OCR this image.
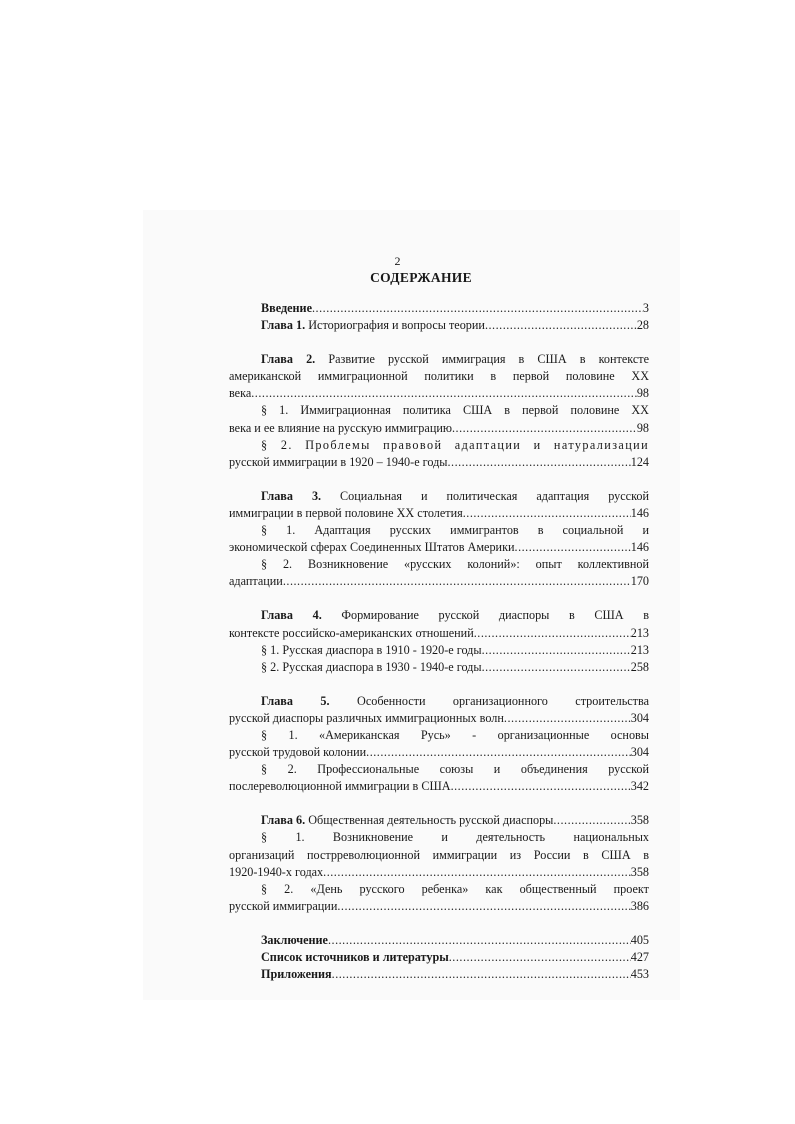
2
СОДЕРЖАНИЕ
Введение .....	3
Глава 1. Историография и вопросы теории .....	28
Глава 2. Развитие русской иммиграция в США в контексте
американской иммиграционной политики в первой половине XX
века .....	98
§ 1. Иммиграционная политика США в первой половине XX
века и ее влияние на русскую иммиграцию .....	98
§ 2. Проблемы правовой адаптации и натурализации
русской иммиграции в 1920 – 1940-е годы .....	124
Глава 3. Социальная и политическая адаптация русской
иммиграции в первой половине XX столетия .....	146
§ 1. Адаптация русских иммигрантов в социальной и
экономической сферах Соединенных Штатов Америки .....	146
§ 2. Возникновение «русских колоний»: опыт коллективной
адаптации .....	170
Глава 4. Формирование русской диаспоры в США в
контексте российско-американских отношений .....	213
§ 1. Русская диаспора в 1910 - 1920-е годы .....	213
§ 2. Русская диаспора в 1930 - 1940-е годы .....	258
Глава 5. Особенности организационного строительства
русской диаспоры различных иммиграционных волн .....	304
§ 1. «Американская Русь» - организационные основы
русской трудовой колонии .....	304
§ 2. Профессиональные союзы и объединения русской
послереволюционной иммиграции в США .....	342
Глава 6. Общественная деятельность русской диаспоры .....	358
§ 1. Возникновение и деятельность национальных
организаций пострреволюционной иммиграции из России в США в
1920-1940-х годах .....	358
§ 2. «День русского ребенка» как общественный проект
русской иммиграции .....	386
Заключение .....	405
Список источников и литературы .....	427
Приложения .....	453
